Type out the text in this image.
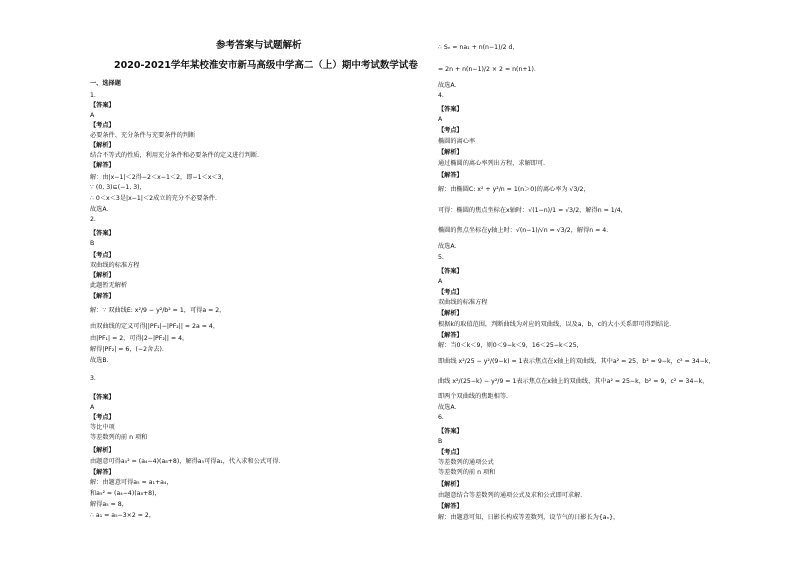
参考答案与试题解析
2020-2021学年某校淮安市新马高级中学高二（上）期中考试数学试卷
一、选择题
1.
【答案】
A
【考点】
必要条件、充分条件与充要条件的判断
【解析】
结合不等式的性质，利用充分条件和必要条件的定义进行判断．
【解答】
解：由|x−1|＜2得−2＜x−1＜2，即−1＜x＜3，
∵ (0, 3)⊆(−1, 3)，
∴ 0＜x＜3是|x−1|＜2成立的充分不必要条件．
故选A．
2.
【答案】
B
【考点】
双曲线的标准方程
【解析】
此题暂无解析
【解答】
解：∵ 双曲线E: x²/9 − y²/b² = 1，可得a = 2，
由双曲线的定义可得||PF₁|−|PF₂|| = 2a = 4，
由|PF₁| = 2，可得|2−|PF₂|| = 4，
解得|PF₂| = 6，(−2舍去)．
故选B.
3.
【答案】
A
【考点】
等比中项
等差数列的前 n 项和
【解析】
由题意可得a₅² = (a₄−4)(a₈+8)，解得a₅可得a₁，代入求和公式可得．
【解答】
解：由题意可得a₅ = a₁+a₄，
和a₅² = (a₄−4)(a₈+8)，
解得a₅ = 8，
∴ a₁ = a₅−3×2 = 2，
∴ Sₙ = na₁ + n(n−1)/2 d，
= 2n + n(n−1)/2 × 2 = n(n+1)．
故选A．
4.
【答案】
A
【考点】
椭圆的离心率
【解析】
通过椭圆的离心率列出方程，求解即可．
【解答】
解：由椭圆C: x² + y²/n = 1(n＞0)的离心率为 √3/2，
可得：椭圆的焦点坐标在x轴时：√(1−n)/1 = √3/2，解得n = 1/4，
椭圆的焦点坐标在y轴上时：√(n−1)/√n = √3/2，解得n = 4．
故选A．
5.
【答案】
A
【考点】
双曲线的标准方程
【解析】
根据k的取值范围，判断曲线为对应的双曲线，以及a，b，c的大小关系即可得到结论．
【解答】
解：当0＜k＜9，则0＜9−k＜9，16＜25−k＜25，
即曲线 x²/25 − y²/(9−k) = 1表示焦点在x轴上的双曲线，其中a² = 25，b² = 9−k，c² = 34−k，
曲线 x²/(25−k) − y²/9 = 1表示焦点在x轴上的双曲线，其中a² = 25−k，b² = 9，c² = 34−k，
即两个双曲线的焦距相等．
故选A．
6.
【答案】
B
【考点】
等差数列的通项公式
等差数列的前 n 项和
【解析】
由题意结合等差数列的通项公式及求和公式即可求解．
【解答】
解：由题意可知，日影长构成等差数列，设节气的日影长为{aₙ}，
